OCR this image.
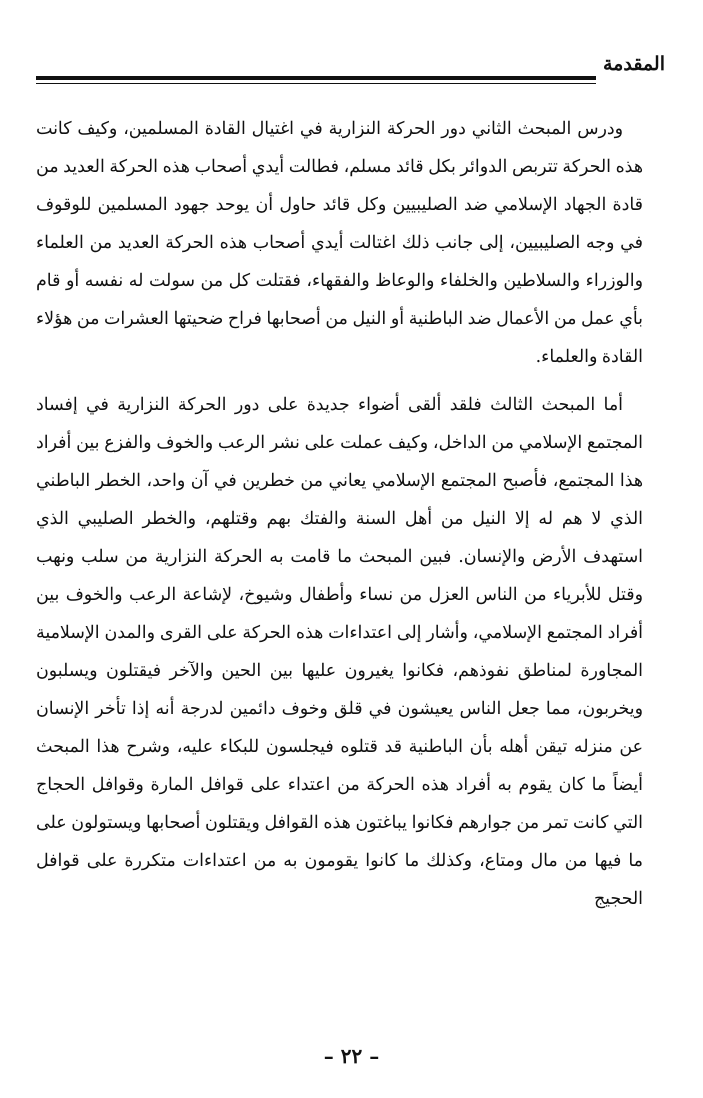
المقدمة

ودرس المبحث الثاني دور الحركة النزارية في اغتيال القادة المسلمين، وكيف كانت هذه الحركة تتربص الدوائر بكل قائد مسلم، فطالت أيدي أصحاب هذه الحركة العديد من قادة الجهاد الإسلامي ضد الصليبيين وكل قائد حاول أن يوحد جهود المسلمين للوقوف في وجه الصليبيين، إلى جانب ذلك اغتالت أيدي أصحاب هذه الحركة العديد من العلماء والوزراء والسلاطين والخلفاء والوعاظ والفقهاء، فقتلت كل من سولت له نفسه أو قام بأي عمل من الأعمال ضد الباطنية أو النيل من أصحابها فراح ضحيتها العشرات من هؤلاء القادة والعلماء.

أما المبحث الثالث فلقد ألقى أضواء جديدة على دور الحركة النزارية في إفساد المجتمع الإسلامي من الداخل، وكيف عملت على نشر الرعب والخوف والفزع بين أفراد هذا المجتمع، فأصبح المجتمع الإسلامي يعاني من خطرين في آن واحد، الخطر الباطني الذي لا هم له إلا النيل من أهل السنة والفتك بهم وقتلهم، والخطر الصليبي الذي استهدف الأرض والإنسان. فبين المبحث ما قامت به الحركة النزارية من سلب ونهب وقتل للأبرياء من الناس العزل من نساء وأطفال وشيوخ، لإشاعة الرعب والخوف بين أفراد المجتمع الإسلامي، وأشار إلى اعتداءات هذه الحركة على القرى والمدن الإسلامية المجاورة لمناطق نفوذهم، فكانوا يغيرون عليها بين الحين والآخر فيقتلون ويسلبون ويخربون، مما جعل الناس يعيشون في قلق وخوف دائمين لدرجة أنه إذا تأخر الإنسان عن منزله تيقن أهله بأن الباطنية قد قتلوه فيجلسون للبكاء عليه، وشرح هذا المبحث أيضاً ما كان يقوم به أفراد هذه الحركة من اعتداء على قوافل المارة وقوافل الحجاج التي كانت تمر من جوارهم فكانوا يباغتون هذه القوافل ويقتلون أصحابها ويستولون على ما فيها من مال ومتاع، وكذلك ما كانوا يقومون به من اعتداءات متكررة على قوافل الحجيج

– ٢٢ –
